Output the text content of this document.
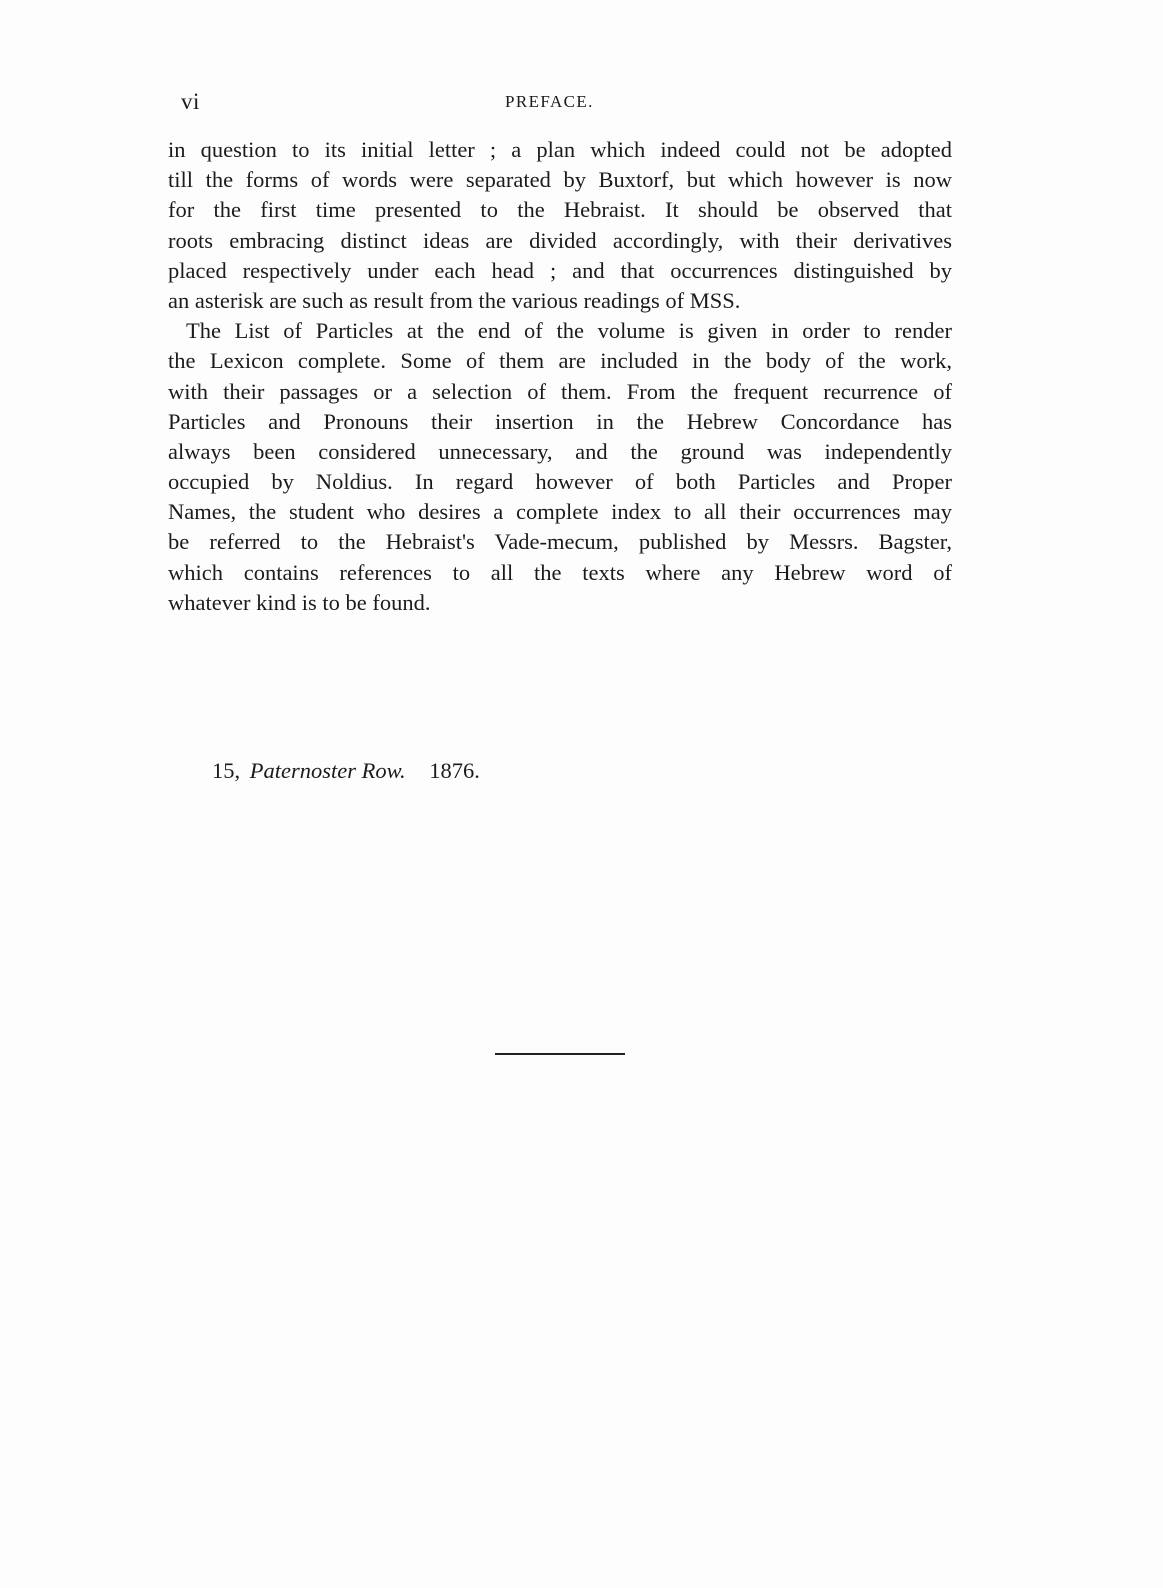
vi	PREFACE.
in question to its initial letter ; a plan which indeed could not be adopted
till the forms of words were separated by Buxtorf, but which however is now
for the first time presented to the Hebraist. It should be observed that
roots embracing distinct ideas are divided accordingly, with their derivatives
placed respectively under each head ; and that occurrences distinguished by
an asterisk are such as result from the various readings of MSS.
The List of Particles at the end of the volume is given in order to render
the Lexicon complete. Some of them are included in the body of the work,
with their passages or a selection of them. From the frequent recurrence of
Particles and Pronouns their insertion in the Hebrew Concordance has
always been considered unnecessary, and the ground was independently
occupied by Noldius. In regard however of both Particles and Proper
Names, the student who desires a complete index to all their occurrences may
be referred to the Hebraist's Vade-mecum, published by Messrs. Bagster,
which contains references to all the texts where any Hebrew word of
whatever kind is to be found.
15, Paternoster Row. 1876.
